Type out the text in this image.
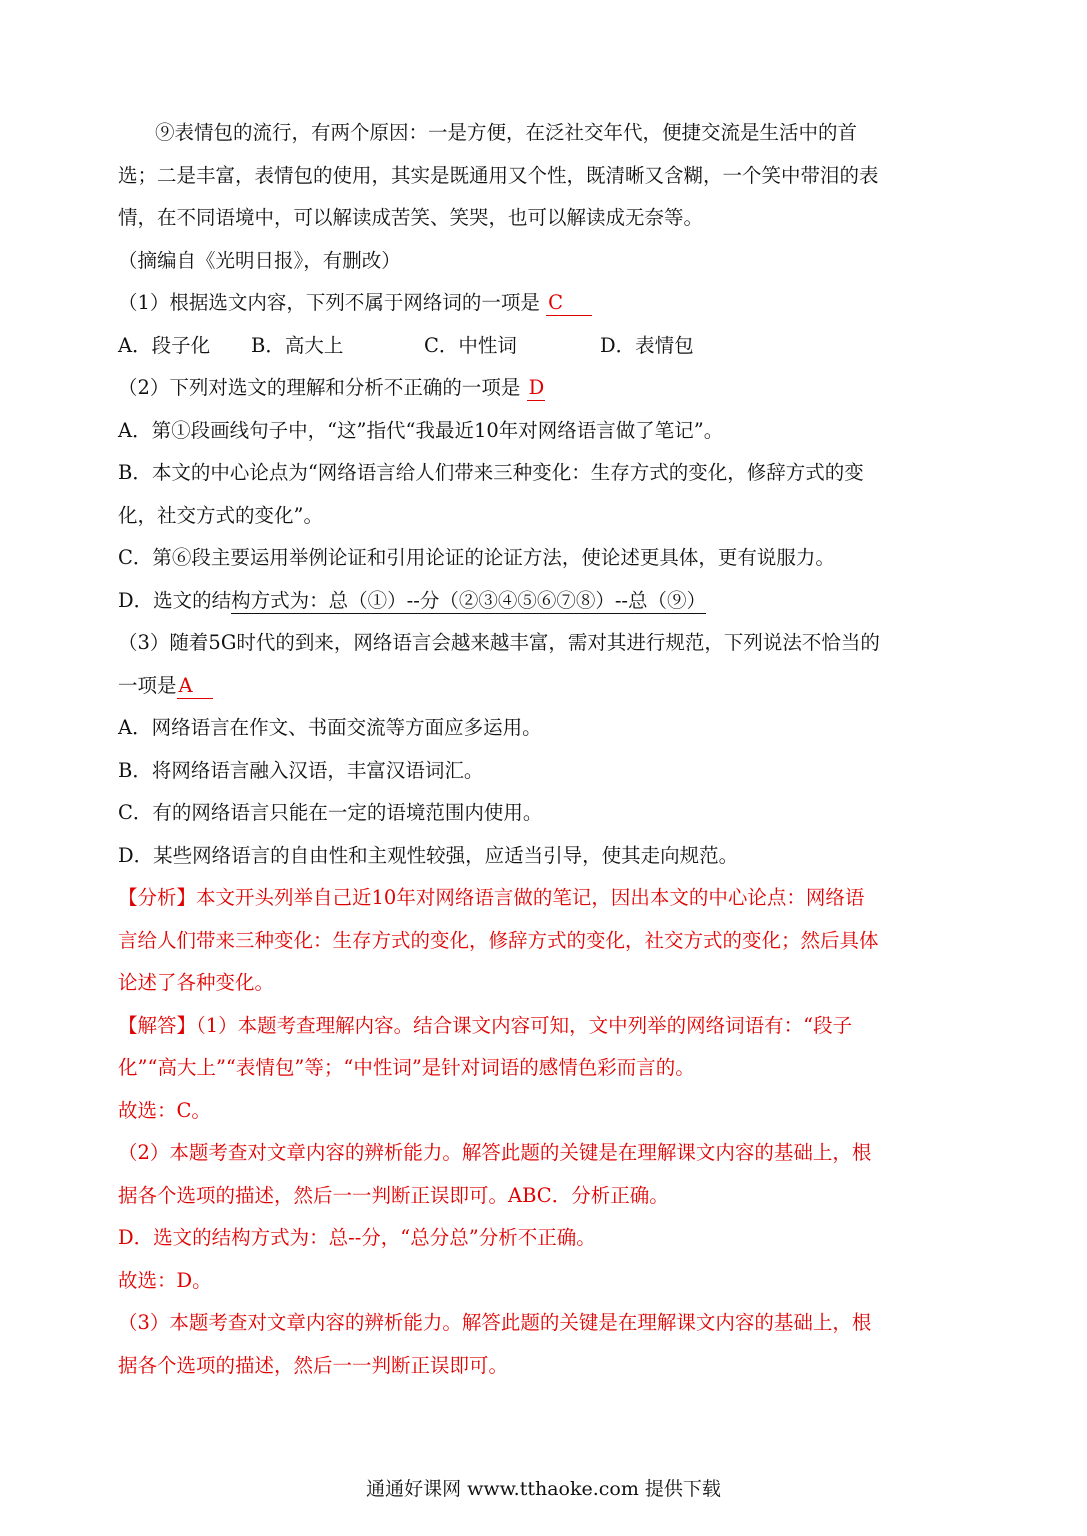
⑨表情包的流行，有两个原因：一是方便，在泛社交年代，便捷交流是生活中的首

选；二是丰富，表情包的使用，其实是既通用又个性，既清晰又含糊，一个笑中带泪的表

情，在不同语境中，可以解读成苦笑、笑哭，也可以解读成无奈等。

（摘编自《光明日报》，有删改）

（1）根据选文内容，下列不属于网络词的一项是 C

A．段子化 B．高大上	C．中性词	D．表情包

（2）下列对选文的理解和分析不正确的一项是 D

A．第①段画线句子中，“这”指代“我最近10年对网络语言做了笔记”。

B．本文的中心论点为“网络语言给人们带来三种变化：生存方式的变化，修辞方式的变

化，社交方式的变化”。

C．第⑥段主要运用举例论证和引用论证的论证方法，使论述更具体，更有说服力。

D．选文的结构方式为：总（①）--分（②③④⑤⑥⑦⑧）--总（⑨）

（3）随着5G时代的到来，网络语言会越来越丰富，需对其进行规范，下列说法不恰当的

一项是 A

A．网络语言在作文、书面交流等方面应多运用。

B．将网络语言融入汉语，丰富汉语词汇。

C．有的网络语言只能在一定的语境范围内使用。

D．某些网络语言的自由性和主观性较强，应适当引导，使其走向规范。

【分析】本文开头列举自己近10年对网络语言做的笔记，因出本文的中心论点：网络语

言给人们带来三种变化：生存方式的变化，修辞方式的变化，社交方式的变化；然后具体

论述了各种变化。

【解答】（1）本题考查理解内容。结合课文内容可知，文中列举的网络词语有：“段子

化”“高大上”“表情包”等；“中性词”是针对词语的感情色彩而言的。

故选：C。

（2）本题考查对文章内容的辨析能力。解答此题的关键是在理解课文内容的基础上，根

据各个选项的描述，然后一一判断正误即可。ABC．分析正确。

D．选文的结构方式为：总--分，“总分总”分析不正确。

故选：D。

（3）本题考查对文章内容的辨析能力。解答此题的关键是在理解课文内容的基础上，根

据各个选项的描述，然后一一判断正误即可。

通通好课网 www.tthaoke.com 提供下载
